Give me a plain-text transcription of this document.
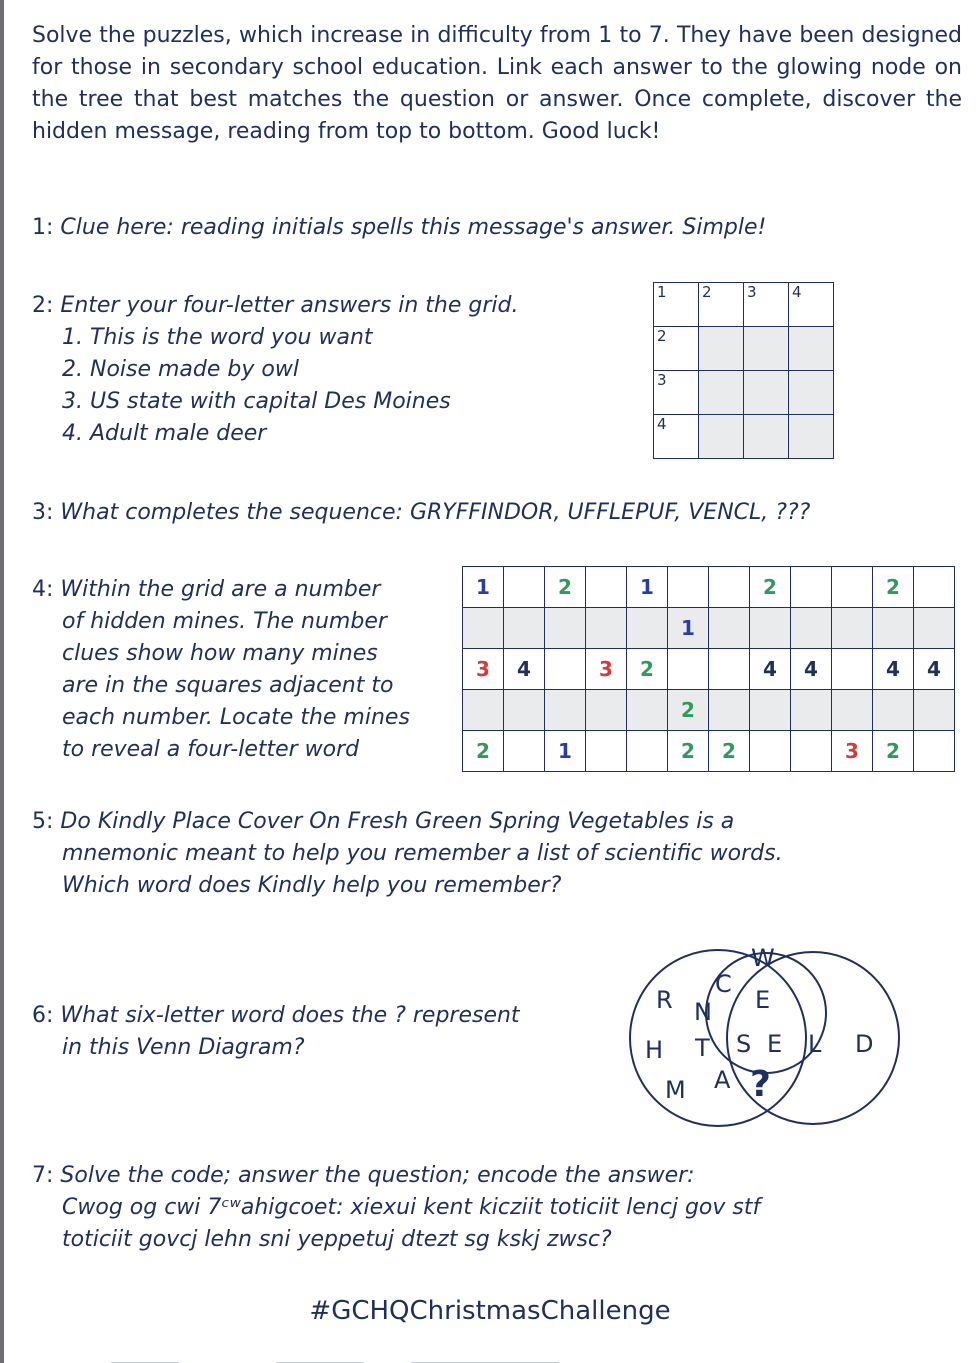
Solve the puzzles, which increase in difficulty from 1 to 7. They have been designed for those in secondary school education. Link each answer to the glowing node on the tree that best matches the question or answer. Once complete, discover the hidden message, reading from top to bottom. Good luck!
1: Clue here: reading initials spells this message's answer. Simple!
2: Enter your four-letter answers in the grid.
1. This is the word you want
2. Noise made by owl
3. US state with capital Des Moines
4. Adult male deer
1	2	3	4

2			

3			

4			

3: What completes the sequence: GRYFFINDOR, UFFLEPUF, VENCL, ???
4: Within the grid are a number
of hidden mines. The number
clues show how many mines
are in the squares adjacent to
each number. Locate the mines
to reveal a four-letter word
1		2		1			2			2	
					1						
3	4		3	2			4	4		4	4
					2						
2		1			2	2			3	2	
5: Do Kindly Place Cover On Fresh Green Spring Vegetables is a
mnemonic meant to help you remember a list of scientific words.
Which word does Kindly help you remember?
6: What six-letter word does the ? represent
in this Venn Diagram?
W
R
C
N E
H T S E L D
M A ?
7: Solve the code; answer the question; encode the answer:
Cwog og cwi 7ᶜʷahigcoet: xiexui kent kicziit toticiit lencj gov stf
toticiit govcj lehn sni yeppetuj dtezt sg kskj zwsc?
#GCHQChristmasChallenge
